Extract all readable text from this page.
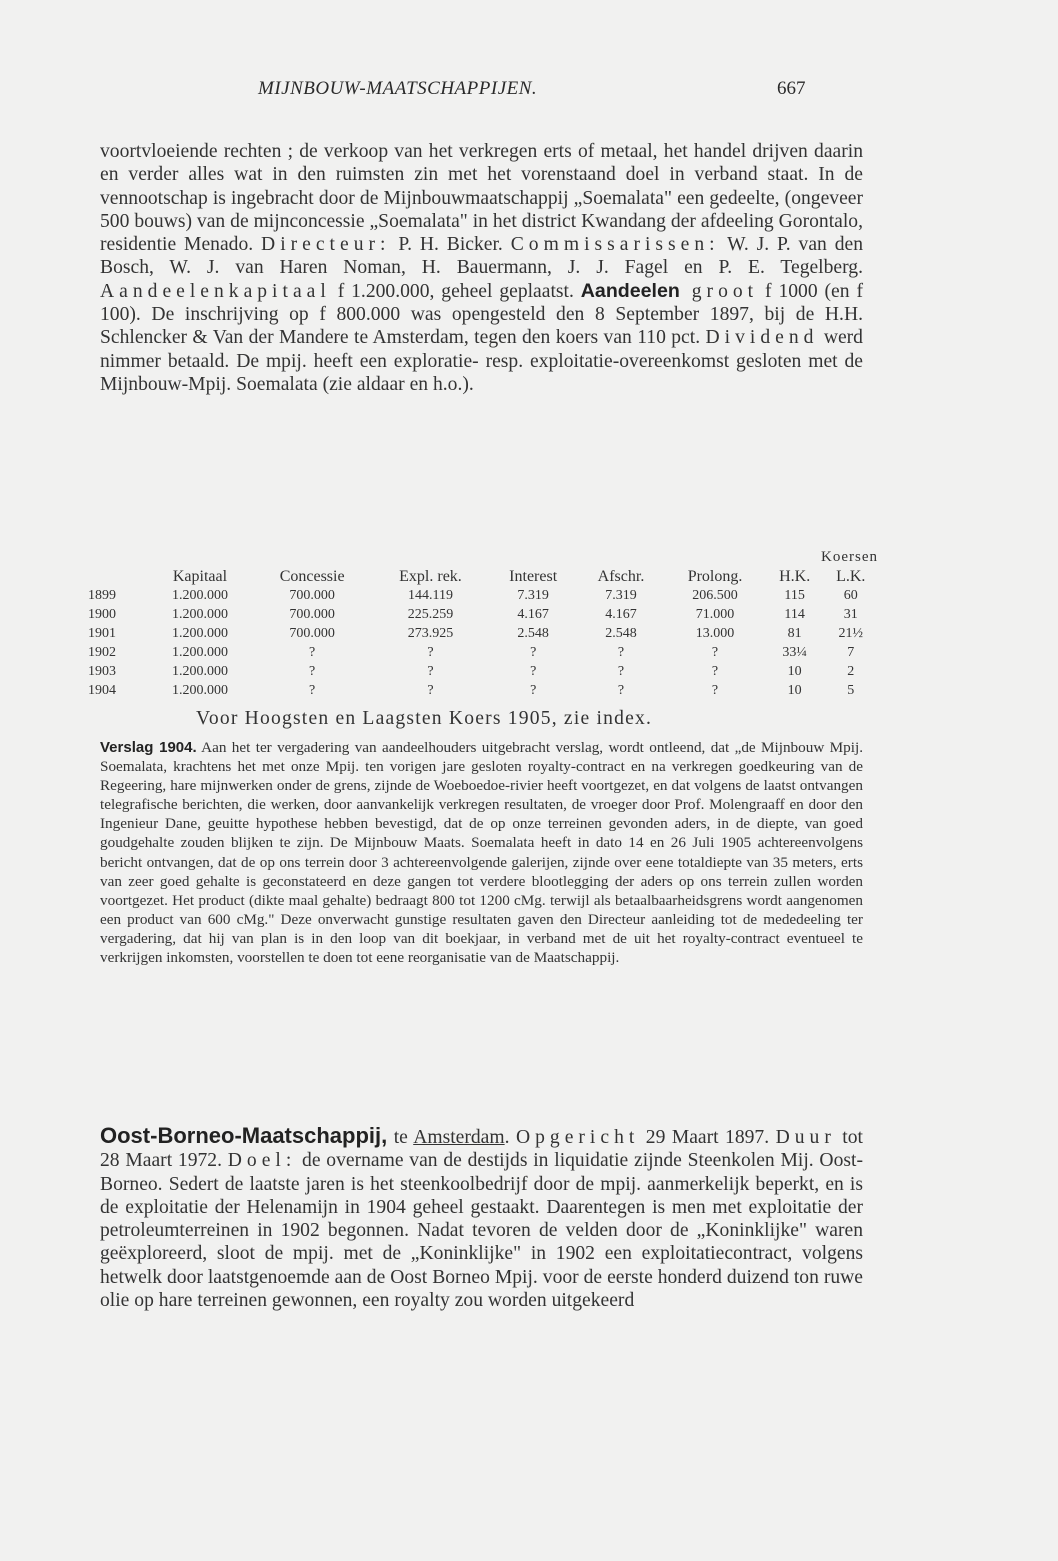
MIJNBOUW-MAATSCHAPPIJEN.	667
voortvloeiende rechten ; de verkoop van het verkregen erts of metaal, het handel drijven daarin en verder alles wat in den ruimsten zin met het vorenstaand doel in verband staat. In de vennootschap is ingebracht door de Mijnbouwmaatschappij „Soemalata" een gedeelte, (ongeveer 500 bouws) van de mijnconcessie „Soemalata" in het district Kwandang der afdeeling Gorontalo, residentie Menado. Directeur: P. H. Bicker. Commissarissen: W. J. P. van den Bosch, W. J. van Haren Noman, H. Bauermann, J. J. Fagel en P. E. Tegelberg. Aandeelenkapitaal f 1.200.000, geheel geplaatst. Aandeelen groot f 1000 (en f 100). De inschrijving op f 800.000 was opengesteld den 8 September 1897, bij de H.H. Schlencker & Van der Mandere te Amsterdam, tegen den koers van 110 pct. Dividend werd nimmer betaald. De mpij. heeft een exploratie- resp. exploitatie-overeenkomst gesloten met de Mijnbouw-Mpij. Soemalata (zie aldaar en h.o.).
							Koersen	
	Kapitaal	Concessie	Expl. rek.	Interest	Afschr.	Prolong.	H.K.	L.K.
1899	1.200.000	700.000	144.119	7.319	7.319	206.500	115	60
1900	1.200.000	700.000	225.259	4.167	4.167	71.000	114	31
1901	1.200.000	700.000	273.925	2.548	2.548	13.000	81	21½
1902	1.200.000	?	?	?	?	?	33¼	7
1903	1.200.000	?	?	?	?	?	10	2
1904	1.200.000	?	?	?	?	?	10	5
Voor Hoogsten en Laagsten Koers 1905, zie index.
Verslag 1904. Aan het ter vergadering van aandeelhouders uitgebracht verslag, wordt ontleend, dat „de Mijnbouw Mpij. Soemalata, krachtens het met onze Mpij. ten vorigen jare gesloten royalty-contract en na verkregen goedkeuring van de Regeering, hare mijnwerken onder de grens, zijnde de Woeboedoe-rivier heeft voortgezet, en dat volgens de laatst ontvangen telegrafische berichten, die werken, door aanvankelijk verkregen resultaten, de vroeger door Prof. Molengraaff en door den Ingenieur Dane, geuitte hypothese hebben bevestigd, dat de op onze terreinen gevonden aders, in de diepte, van goed goudgehalte zouden blijken te zijn. De Mijnbouw Maats. Soemalata heeft in dato 14 en 26 Juli 1905 achtereenvolgens bericht ontvangen, dat de op ons terrein door 3 achtereenvolgende galerijen, zijnde over eene totaldiepte van 35 meters, erts van zeer goed gehalte is geconstateerd en deze gangen tot verdere blootlegging der aders op ons terrein zullen worden voortgezet. Het product (dikte maal gehalte) bedraagt 800 tot 1200 cMg. terwijl als betaalbaarheidsgrens wordt aangenomen een product van 600 cMg." Deze onverwacht gunstige resultaten gaven den Directeur aanleiding tot de mededeeling ter vergadering, dat hij van plan is in den loop van dit boekjaar, in verband met de uit het royalty-contract eventueel te verkrijgen inkomsten, voorstellen te doen tot eene reorganisatie van de Maatschappij.
Oost-Borneo-Maatschappij, te Amsterdam. Opgericht 29 Maart 1897. Duur tot 28 Maart 1972. Doel: de overname van de destijds in liquidatie zijnde Steenkolen Mij. Oost-Borneo. Sedert de laatste jaren is het steenkoolbedrijf door de mpij. aanmerkelijk beperkt, en is de exploitatie der Helenamijn in 1904 geheel gestaakt. Daarentegen is men met exploitatie der petroleumterreinen in 1902 begonnen. Nadat tevoren de velden door de „Koninklijke" waren geëxploreerd, sloot de mpij. met de „Koninklijke" in 1902 een exploitatiecontract, volgens hetwelk door laatstgenoemde aan de Oost Borneo Mpij. voor de eerste honderd duizend ton ruwe olie op hare terreinen gewonnen, een royalty zou worden uitgekeerd
